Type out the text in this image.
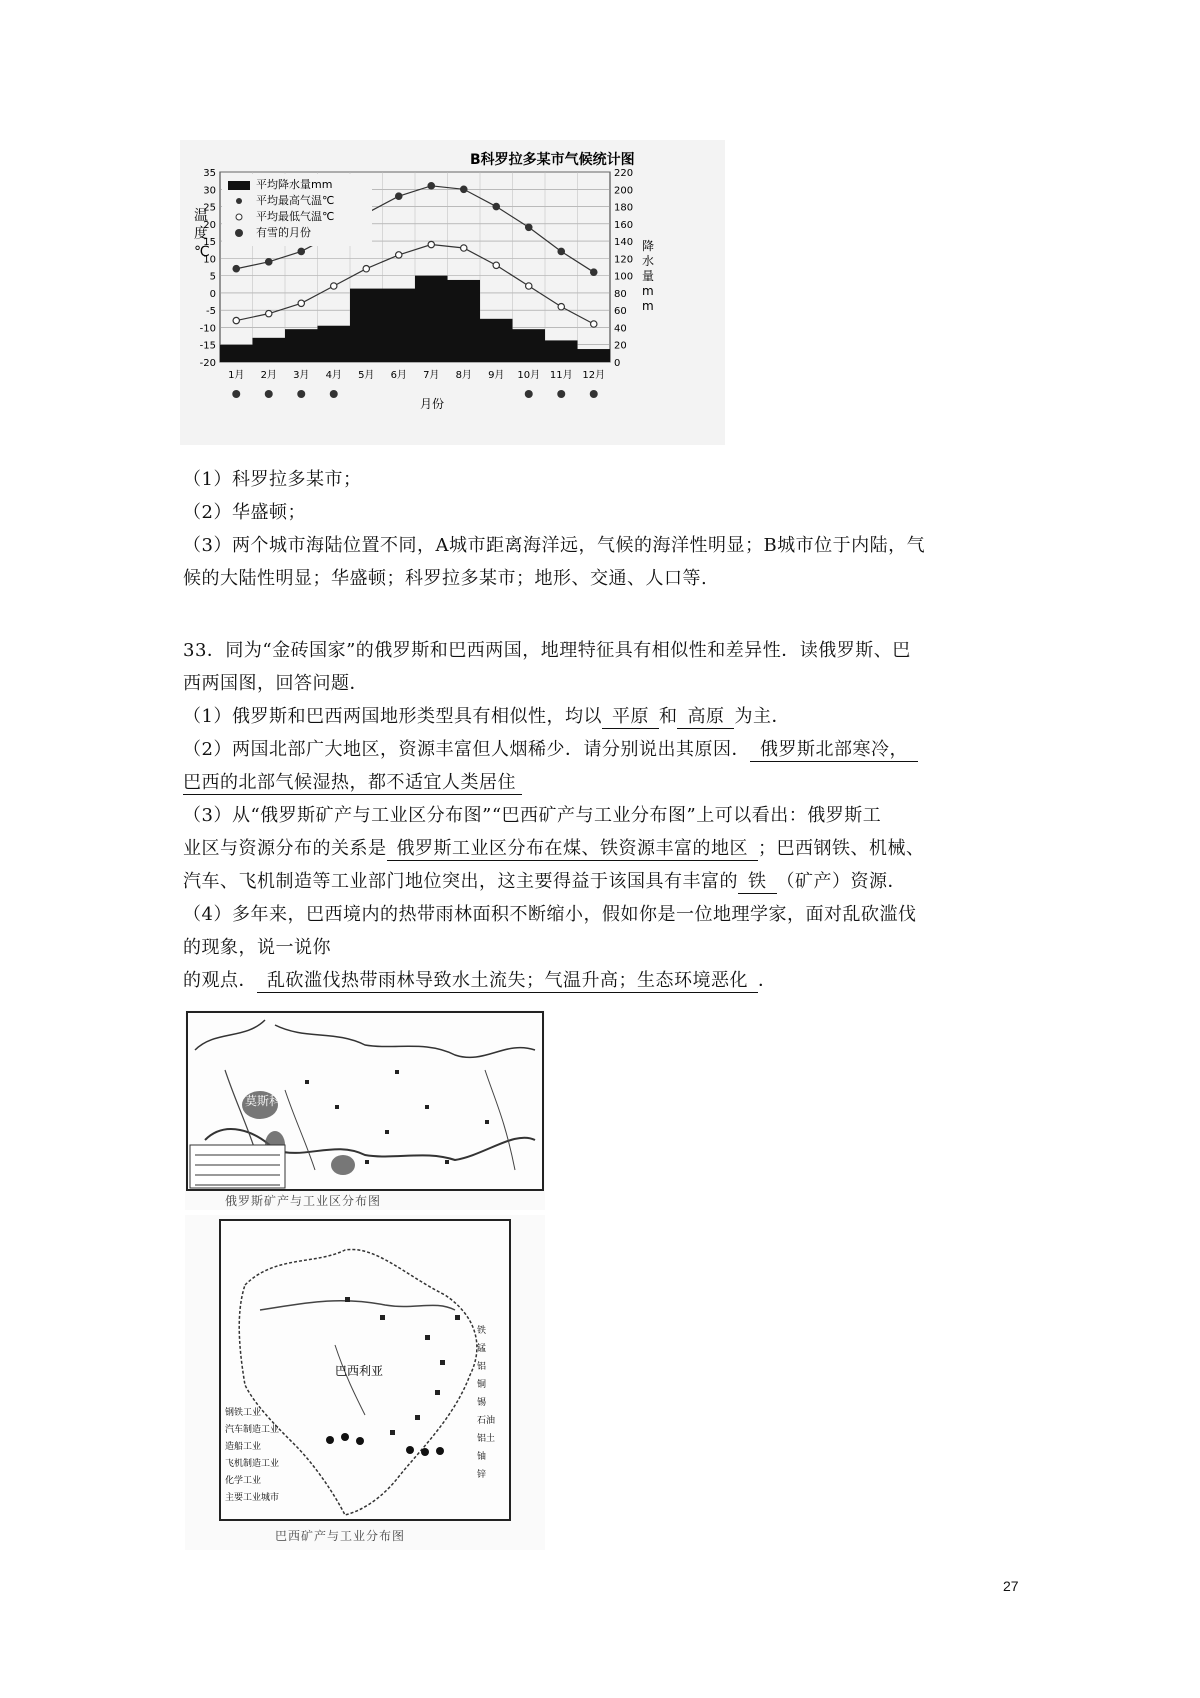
35
30
25
20
15
10
5
0
-5
-10
-15
-20
220
200
180
160
140
120
100
80
60
40
20
0
1月 2月 3月 4月 5月 6月 7月 8月 9月 10月 11月 12月
平均降水量mm
平均最高气温℃
平均最低气温℃
有雪的月份
B科罗拉多某市气候统计图
温度℃	降水量 m m
月份
（1）科罗拉多某市；
（2）华盛顿；
（3）两个城市海陆位置不同，A城市距离海洋远，气候的海洋性明显；B城市位于内陆，气
候的大陆性明显；华盛顿；科罗拉多某市；地形、交通、人口等.
33．同为“金砖国家”的俄罗斯和巴西两国，地理特征具有相似性和差异性．读俄罗斯、巴
西两国图，回答问题．
（1）俄罗斯和巴西两国地形类型具有相似性，均以 平原 和 高原 为主．
（2）两国北部广大地区，资源丰富但人烟稀少．请分别说出其原因． 俄罗斯北部寒冷，
巴西的北部气候湿热，都不适宜人类居住
（3）从“俄罗斯矿产与工业区分布图”“巴西矿产与工业分布图”上可以看出：俄罗斯工
业区与资源分布的关系是 俄罗斯工业区分布在煤、铁资源丰富的地区 ；巴西钢铁、机械、
汽车、飞机制造等工业部门地位突出，这主要得益于该国具有丰富的 铁 （矿产）资源．
（4）多年来，巴西境内的热带雨林面积不断缩小，假如你是一位地理学家，面对乱砍滥伐
的现象，说一说你
的观点． 乱砍滥伐热带雨林导致水土流失；气温升高；生态环境恶化 ．
莫斯科
俄罗斯矿产与工业区分布图
巴西利亚
钢铁工业
汽车制造工业
造船工业
飞机制造工业
化学工业
主要工业城市
铁
锰
铝
铜
锡
石油
铝土
铀
锌
巴西矿产与工业分布图
27
